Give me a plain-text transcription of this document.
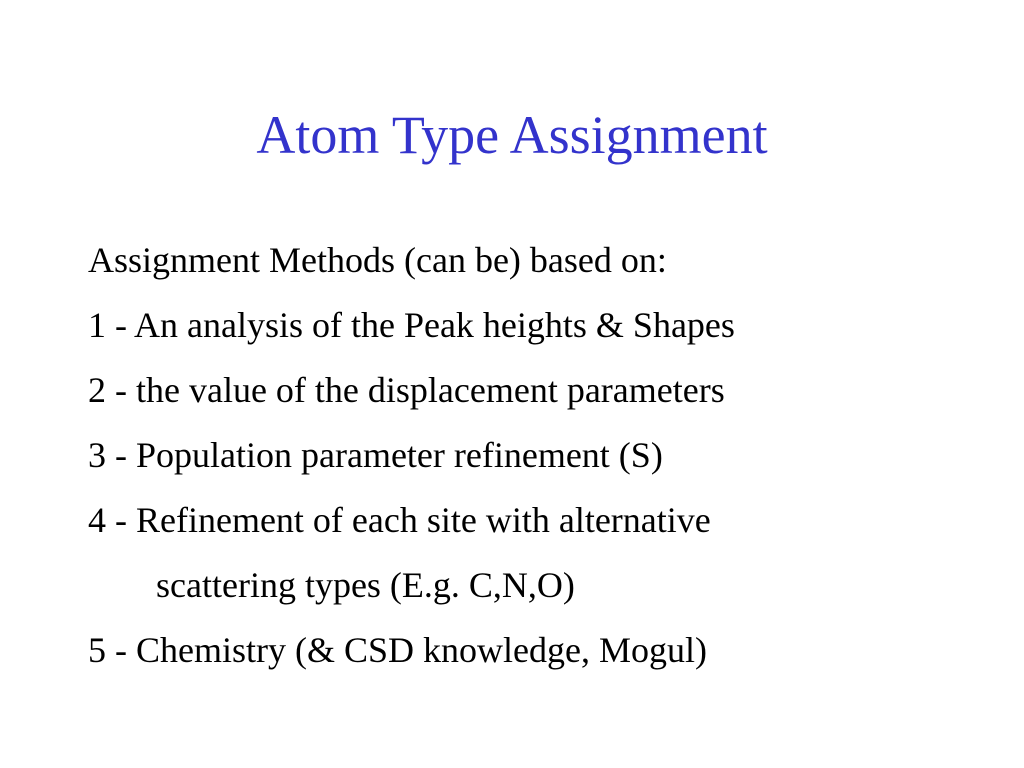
Atom Type Assignment
Assignment Methods (can be) based on:
1 - An analysis of the Peak heights & Shapes
2 - the value of the displacement parameters
3 - Population parameter refinement (S)
4 - Refinement of each site with alternative
scattering types (E.g. C,N,O)
5 - Chemistry (& CSD knowledge, Mogul)
